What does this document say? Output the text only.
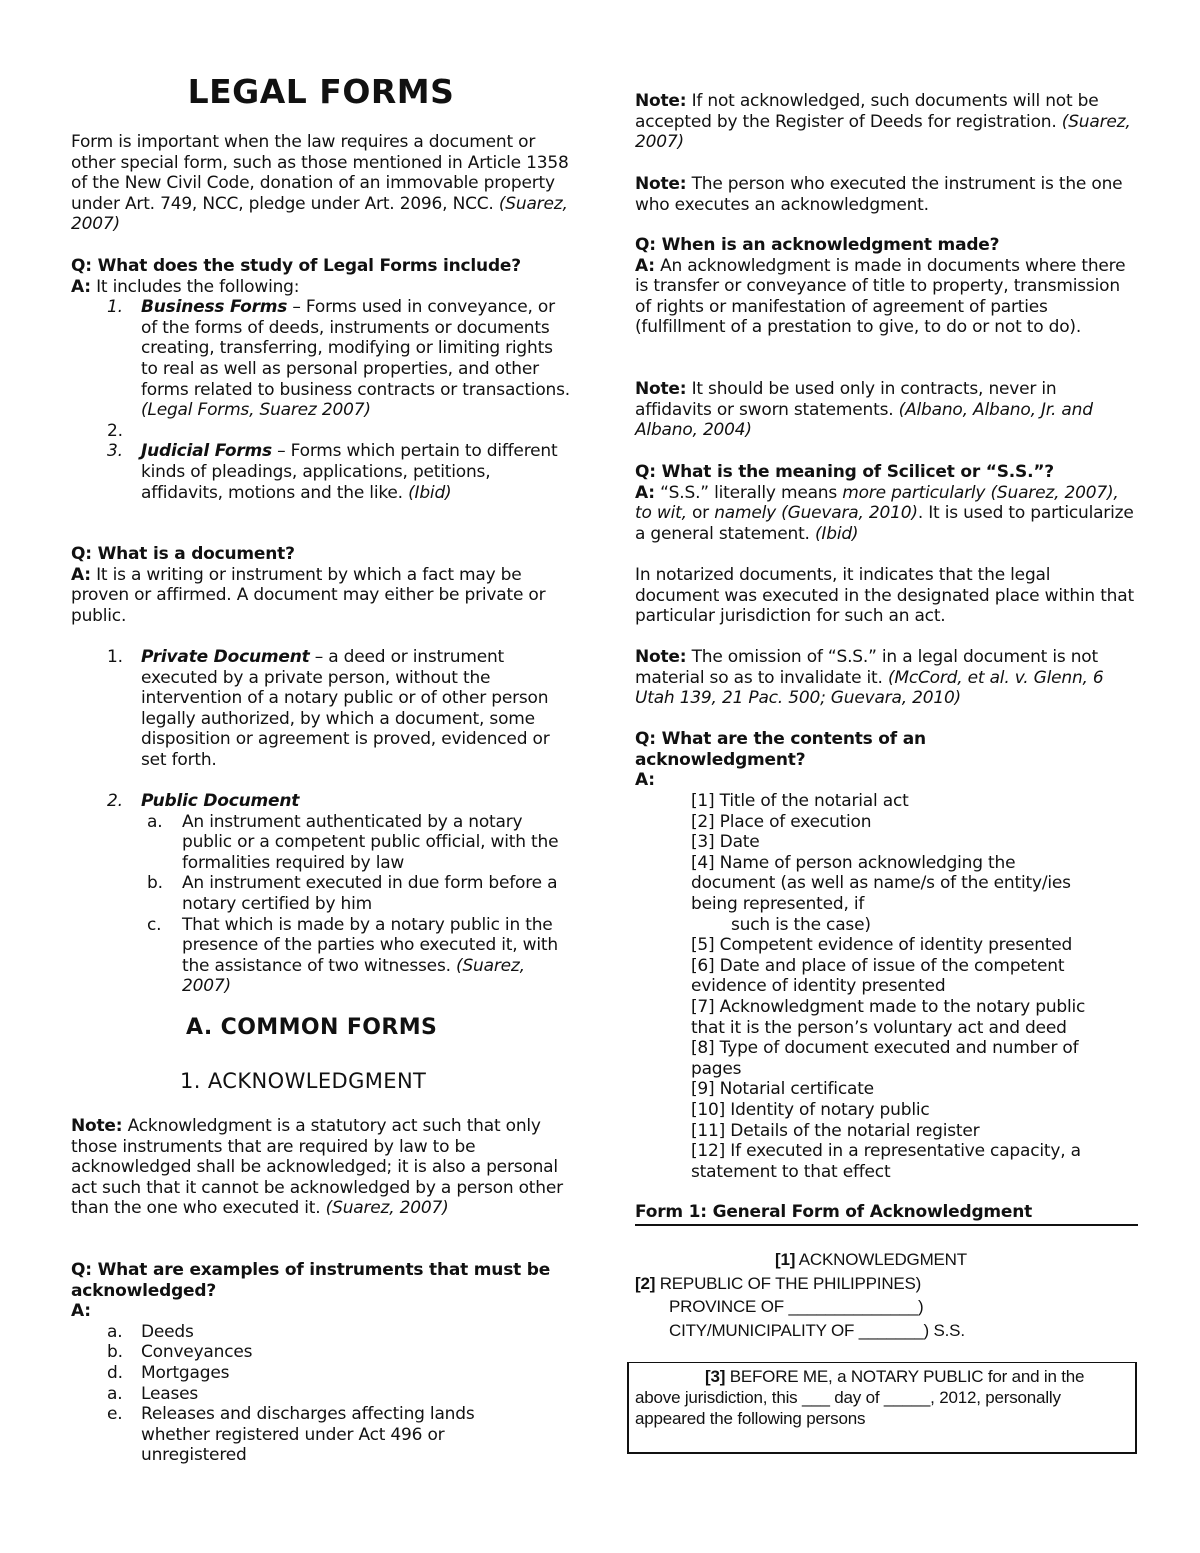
LEGAL FORMS

Form is important when the law requires a document or other special form, such as those mentioned in Article 1358 of the New Civil Code, donation of an immovable property under Art. 749, NCC, pledge under Art. 2096, NCC. (Suarez, 2007)

Q: What does the study of Legal Forms include?

A: It includes the following:

1. Business Forms – Forms used in conveyance, or of the forms of deeds, instruments or documents creating, transferring, modifying or limiting rights to real as well as personal properties, and other forms related to business contracts or transactions. (Legal Forms, Suarez 2007)
2.

3. Judicial Forms – Forms which pertain to different kinds of pleadings, applications, petitions, affidavits, motions and the like. (Ibid)

Q: What is a document?

A: It is a writing or instrument by which a fact may be proven or affirmed. A document may either be private or public.

1. Private Document – a deed or instrument executed by a private person, without the intervention of a notary public or of other person legally authorized, by which a document, some disposition or agreement is proved, evidenced or set forth.
2. Public Document
a. An instrument authenticated by a notary public or a competent public official, with the formalities required by law
b. An instrument executed in due form before a notary certified by him
c. That which is made by a notary public in the presence of the parties who executed it, with the assistance of two witnesses. (Suarez, 2007)
A. COMMON FORMS
1. ACKNOWLEDGMENT

Note: Acknowledgment is a statutory act such that only those instruments that are required by law to be acknowledged shall be acknowledged; it is also a personal act such that it cannot be acknowledged by a person other than the one who executed it. (Suarez, 2007)

Q: What are examples of instruments that must be acknowledged?

A:

a. Deeds
b. Conveyances
d. Mortgages
a. Leases
e. Releases and discharges affecting lands whether registered under Act 496 or unregistered

Note: If not acknowledged, such documents will not be accepted by the Register of Deeds for registration. (Suarez, 2007)

Note: The person who executed the instrument is the one who executes an acknowledgment.

Q: When is an acknowledgment made?

A: An acknowledgment is made in documents where there is transfer or conveyance of title to property, transmission of rights or manifestation of agreement of parties (fulfillment of a prestation to give, to do or not to do).

Note: It should be used only in contracts, never in affidavits or sworn statements. (Albano, Albano, Jr. and Albano, 2004)

Q: What is the meaning of Scilicet or “S.S.”?

A: “S.S.” literally means more particularly (Suarez, 2007), to wit, or namely (Guevara, 2010). It is used to particularize a general statement. (Ibid)

In notarized documents, it indicates that the legal document was executed in the designated place within that particular jurisdiction for such an act.

Note: The omission of “S.S.” in a legal document is not material so as to invalidate it. (McCord, et al. v. Glenn, 6 Utah 139, 21 Pac. 500; Guevara, 2010)

Q: What are the contents of an acknowledgment?

A:

[1] Title of the notarial act

[2] Place of execution

[3] Date

[4] Name of person acknowledging the document (as well as name/s of the entity/ies being represented, if

such is the case)

[5] Competent evidence of identity presented

[6] Date and place of issue of the competent evidence of identity presented

[7] Acknowledgment made to the notary public that it is the person’s voluntary act and deed

[8] Type of document executed and number of pages

[9] Notarial certificate

[10] Identity of notary public

[11] Details of the notarial register

[12] If executed in a representative capacity, a statement to that effect

Form 1: General Form of Acknowledgment

[1] ACKNOWLEDGMENT

[2] REPUBLIC OF THE PHILIPPINES)

PROVINCE OF ______________)

CITY/MUNICIPALITY OF _______) S.S.

[3] BEFORE ME, a NOTARY PUBLIC for and in the above jurisdiction, this ___ day of _____, 2012, personally appeared the following persons
